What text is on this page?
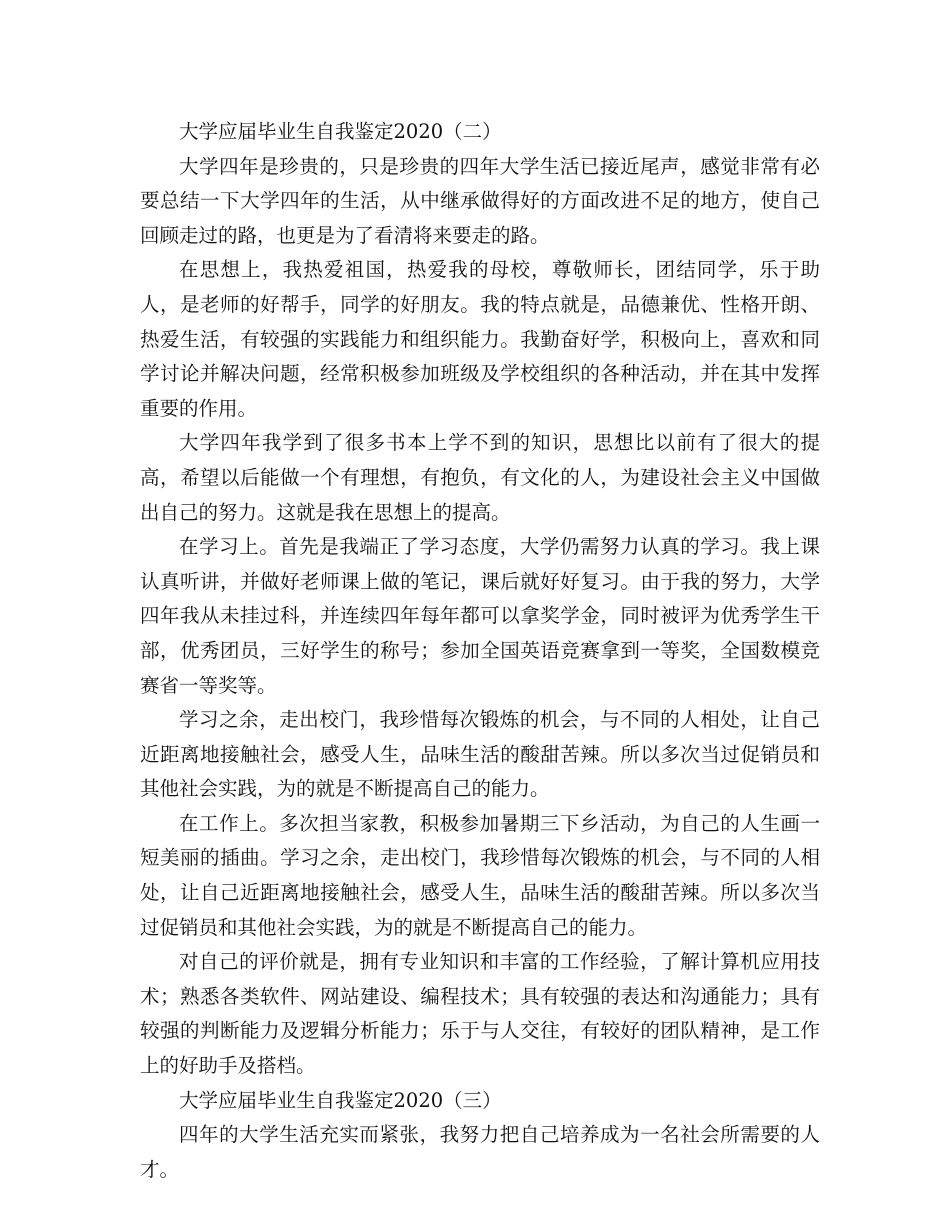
大学应届毕业生自我鉴定2020（二）

大学四年是珍贵的，只是珍贵的四年大学生活已接近尾声，感觉非常有必要总结一下大学四年的生活，从中继承做得好的方面改进不足的地方，使自己回顾走过的路，也更是为了看清将来要走的路。

在思想上，我热爱祖国，热爱我的母校，尊敬师长，团结同学，乐于助人，是老师的好帮手，同学的好朋友。我的特点就是，品德兼优、性格开朗、热爱生活，有较强的实践能力和组织能力。我勤奋好学，积极向上，喜欢和同学讨论并解决问题，经常积极参加班级及学校组织的各种活动，并在其中发挥重要的作用。

大学四年我学到了很多书本上学不到的知识，思想比以前有了很大的提高，希望以后能做一个有理想，有抱负，有文化的人，为建设社会主义中国做出自己的努力。这就是我在思想上的提高。

在学习上。首先是我端正了学习态度，大学仍需努力认真的学习。我上课认真听讲，并做好老师课上做的笔记，课后就好好复习。由于我的努力，大学四年我从未挂过科，并连续四年每年都可以拿奖学金，同时被评为优秀学生干部，优秀团员，三好学生的称号；参加全国英语竞赛拿到一等奖，全国数模竞赛省一等奖等。

学习之余，走出校门，我珍惜每次锻炼的机会，与不同的人相处，让自己近距离地接触社会，感受人生，品味生活的酸甜苦辣。所以多次当过促销员和其他社会实践，为的就是不断提高自己的能力。

在工作上。多次担当家教，积极参加暑期三下乡活动，为自己的人生画一短美丽的插曲。学习之余，走出校门，我珍惜每次锻炼的机会，与不同的人相处，让自己近距离地接触社会，感受人生，品味生活的酸甜苦辣。所以多次当过促销员和其他社会实践，为的就是不断提高自己的能力。

对自己的评价就是，拥有专业知识和丰富的工作经验，了解计算机应用技术；熟悉各类软件、网站建设、编程技术；具有较强的表达和沟通能力；具有较强的判断能力及逻辑分析能力；乐于与人交往，有较好的团队精神，是工作上的好助手及搭档。

大学应届毕业生自我鉴定2020（三）

四年的大学生活充实而紧张，我努力把自己培养成为一名社会所需要的人才。
